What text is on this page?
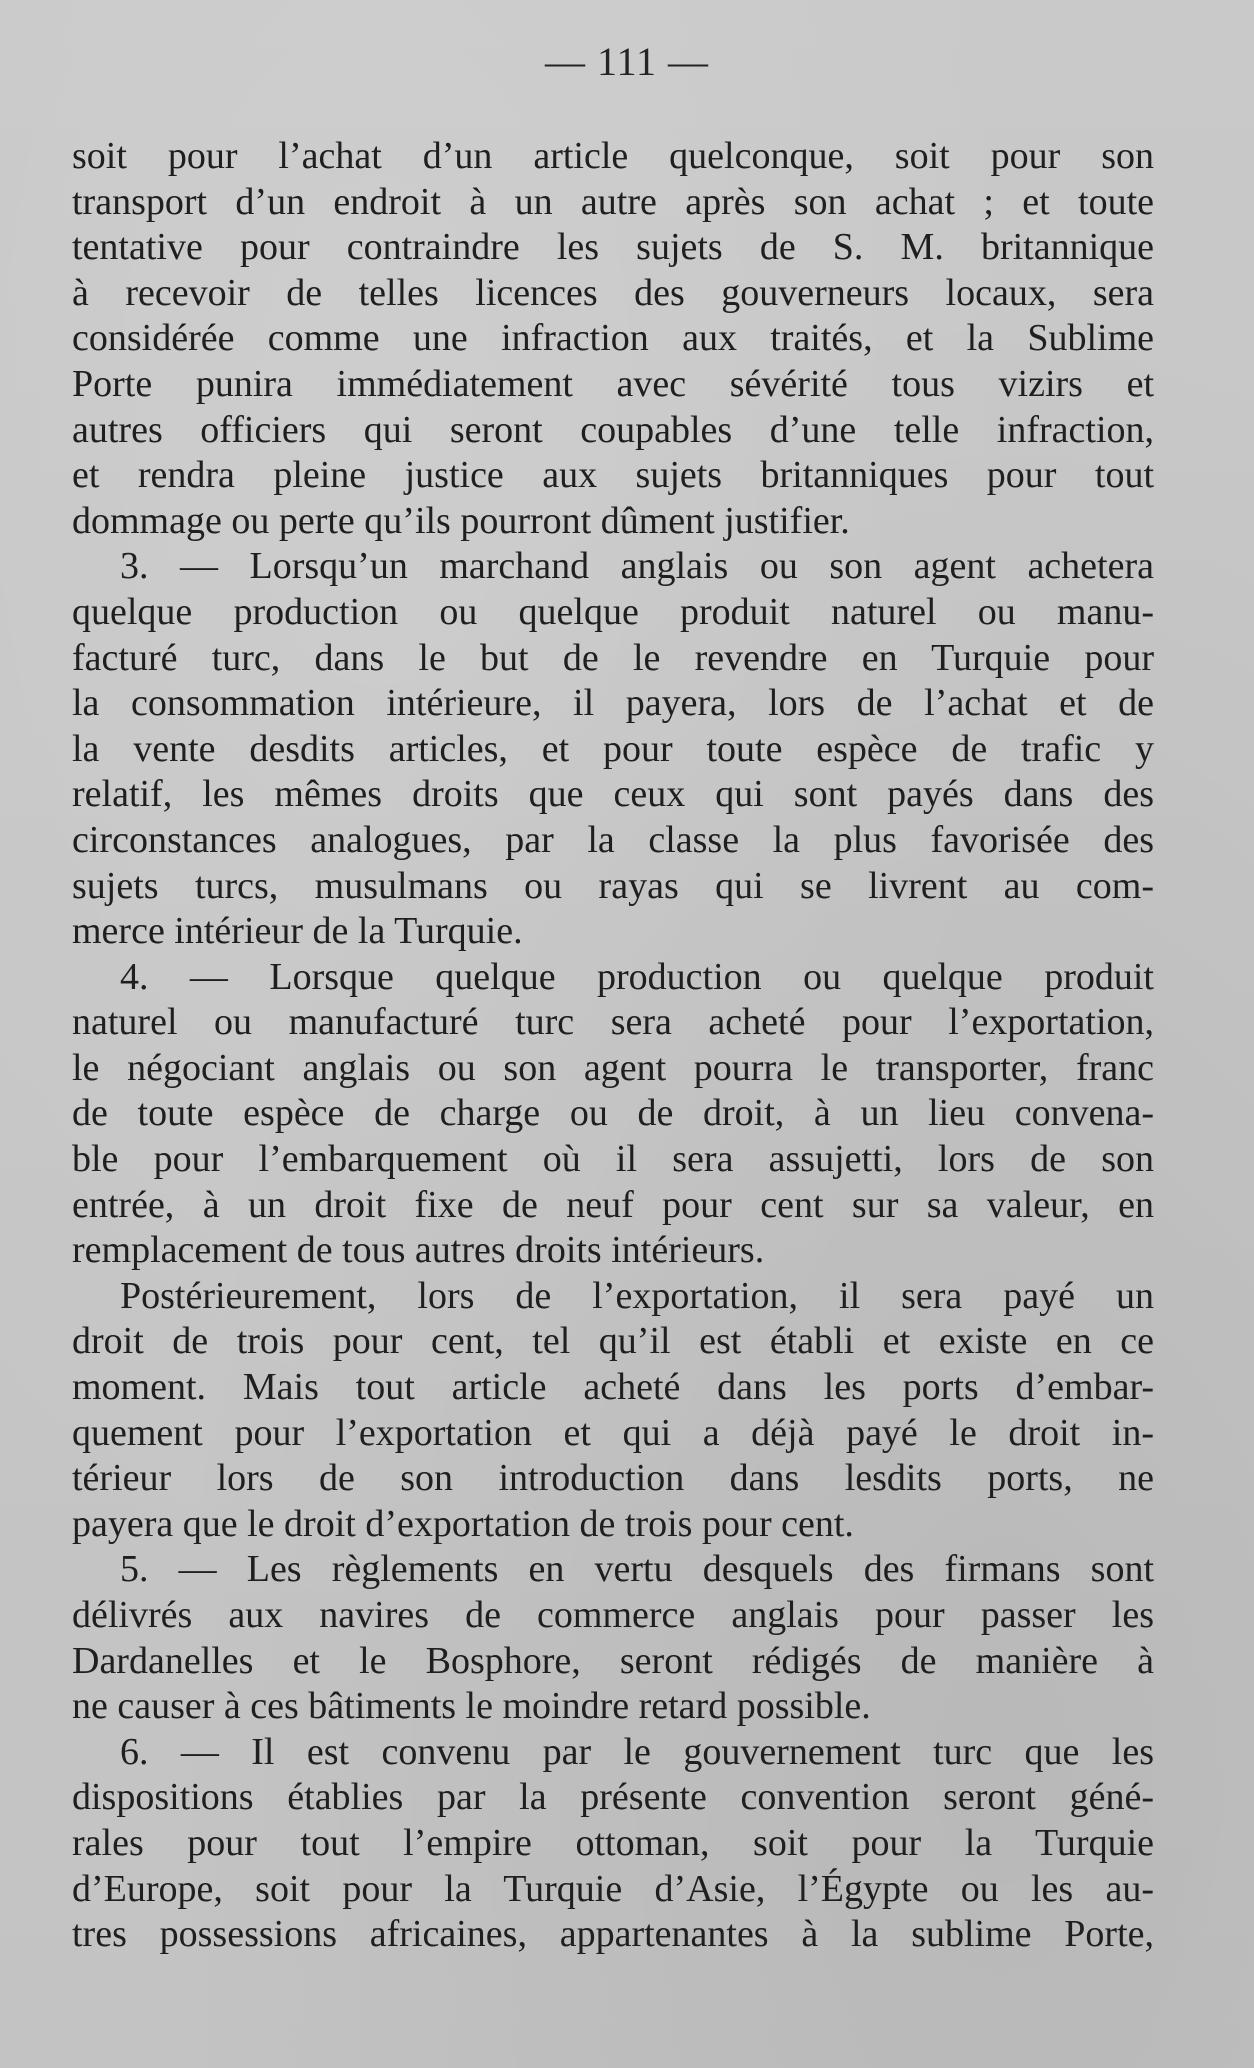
— 111 —
soit pour l’achat d’un article quelconque, soit pour son
transport d’un endroit à un autre après son achat ; et toute
tentative pour contraindre les sujets de S. M. britannique
à recevoir de telles licences des gouverneurs locaux, sera
considérée comme une infraction aux traités, et la Sublime
Porte punira immédiatement avec sévérité tous vizirs et
autres officiers qui seront coupables d’une telle infraction,
et rendra pleine justice aux sujets britanniques pour tout
dommage ou perte qu’ils pourront dûment justifier.
3. — Lorsqu’un marchand anglais ou son agent achetera
quelque production ou quelque produit naturel ou manu-
facturé turc, dans le but de le revendre en Turquie pour
la consommation intérieure, il payera, lors de l’achat et de
la vente desdits articles, et pour toute espèce de trafic y
relatif, les mêmes droits que ceux qui sont payés dans des
circonstances analogues, par la classe la plus favorisée des
sujets turcs, musulmans ou rayas qui se livrent au com-
merce intérieur de la Turquie.
4. — Lorsque quelque production ou quelque produit
naturel ou manufacturé turc sera acheté pour l’exportation,
le négociant anglais ou son agent pourra le transporter, franc
de toute espèce de charge ou de droit, à un lieu convena-
ble pour l’embarquement où il sera assujetti, lors de son
entrée, à un droit fixe de neuf pour cent sur sa valeur, en
remplacement de tous autres droits intérieurs.
Postérieurement, lors de l’exportation, il sera payé un
droit de trois pour cent, tel qu’il est établi et existe en ce
moment. Mais tout article acheté dans les ports d’embar-
quement pour l’exportation et qui a déjà payé le droit in-
térieur lors de son introduction dans lesdits ports, ne
payera que le droit d’exportation de trois pour cent.
5. — Les règlements en vertu desquels des firmans sont
délivrés aux navires de commerce anglais pour passer les
Dardanelles et le Bosphore, seront rédigés de manière à
ne causer à ces bâtiments le moindre retard possible.
6. — Il est convenu par le gouvernement turc que les
dispositions établies par la présente convention seront géné-
rales pour tout l’empire ottoman, soit pour la Turquie
d’Europe, soit pour la Turquie d’Asie, l’Égypte ou les au-
tres possessions africaines, appartenantes à la sublime Porte,
